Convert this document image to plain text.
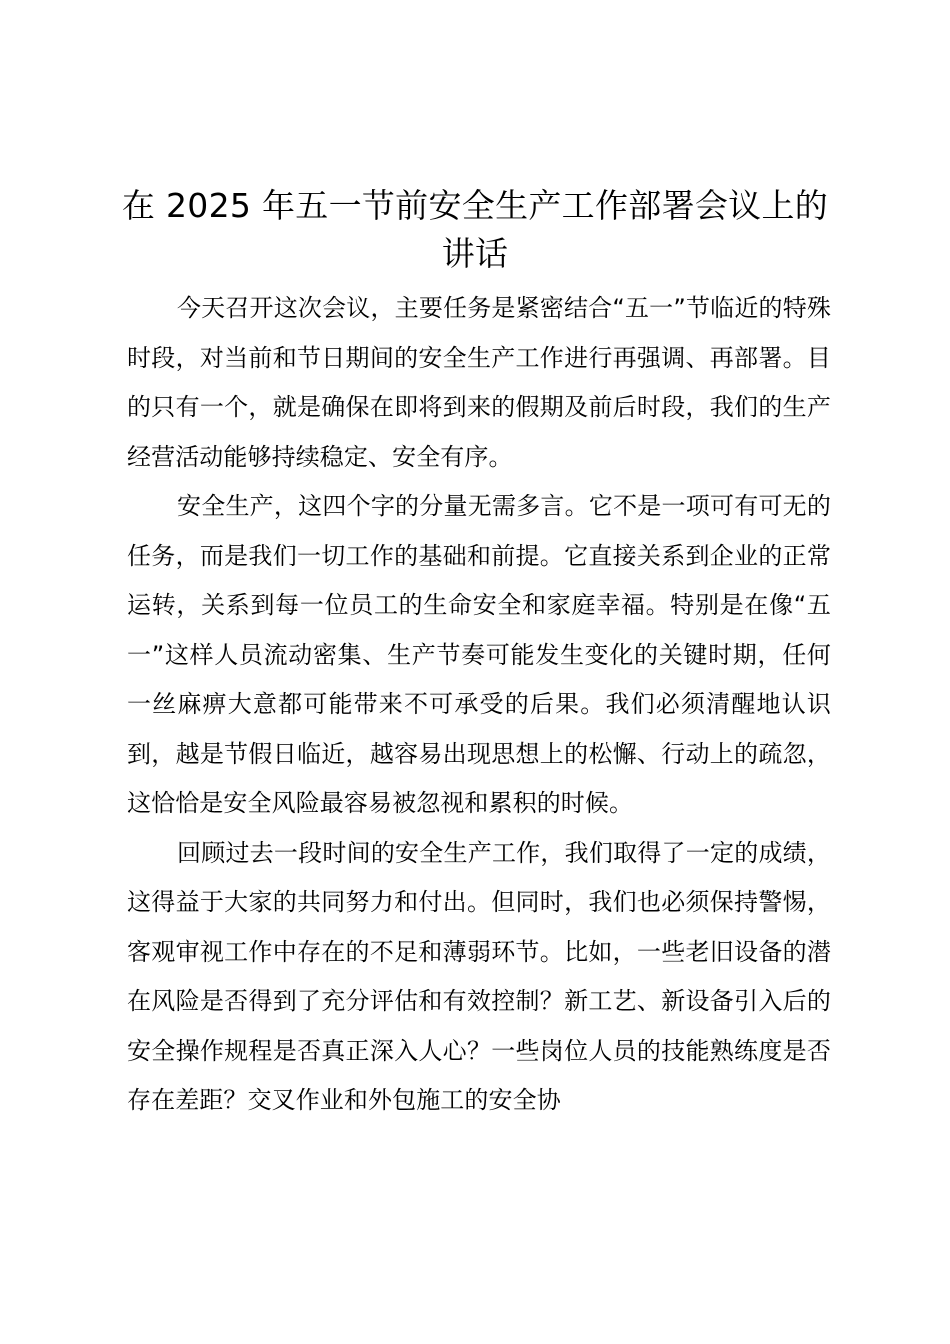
在 2025 年五一节前安全生产工作部署会议上的讲话

今天召开这次会议，主要任务是紧密结合“五一”节临近的特殊时段，对当前和节日期间的安全生产工作进行再强调、再部署。目的只有一个，就是确保在即将到来的假期及前后时段，我们的生产经营活动能够持续稳定、安全有序。

安全生产，这四个字的分量无需多言。它不是一项可有可无的任务，而是我们一切工作的基础和前提。它直接关系到企业的正常运转，关系到每一位员工的生命安全和家庭幸福。特别是在像“五一”这样人员流动密集、生产节奏可能发生变化的关键时期，任何一丝麻痹大意都可能带来不可承受的后果。我们必须清醒地认识到，越是节假日临近，越容易出现思想上的松懈、行动上的疏忽，这恰恰是安全风险最容易被忽视和累积的时候。

回顾过去一段时间的安全生产工作，我们取得了一定的成绩，这得益于大家的共同努力和付出。但同时，我们也必须保持警惕，客观审视工作中存在的不足和薄弱环节。比如，一些老旧设备的潜在风险是否得到了充分评估和有效控制？新工艺、新设备引入后的安全操作规程是否真正深入人心？一些岗位人员的技能熟练度是否存在差距？交叉作业和外包施工的安全协
